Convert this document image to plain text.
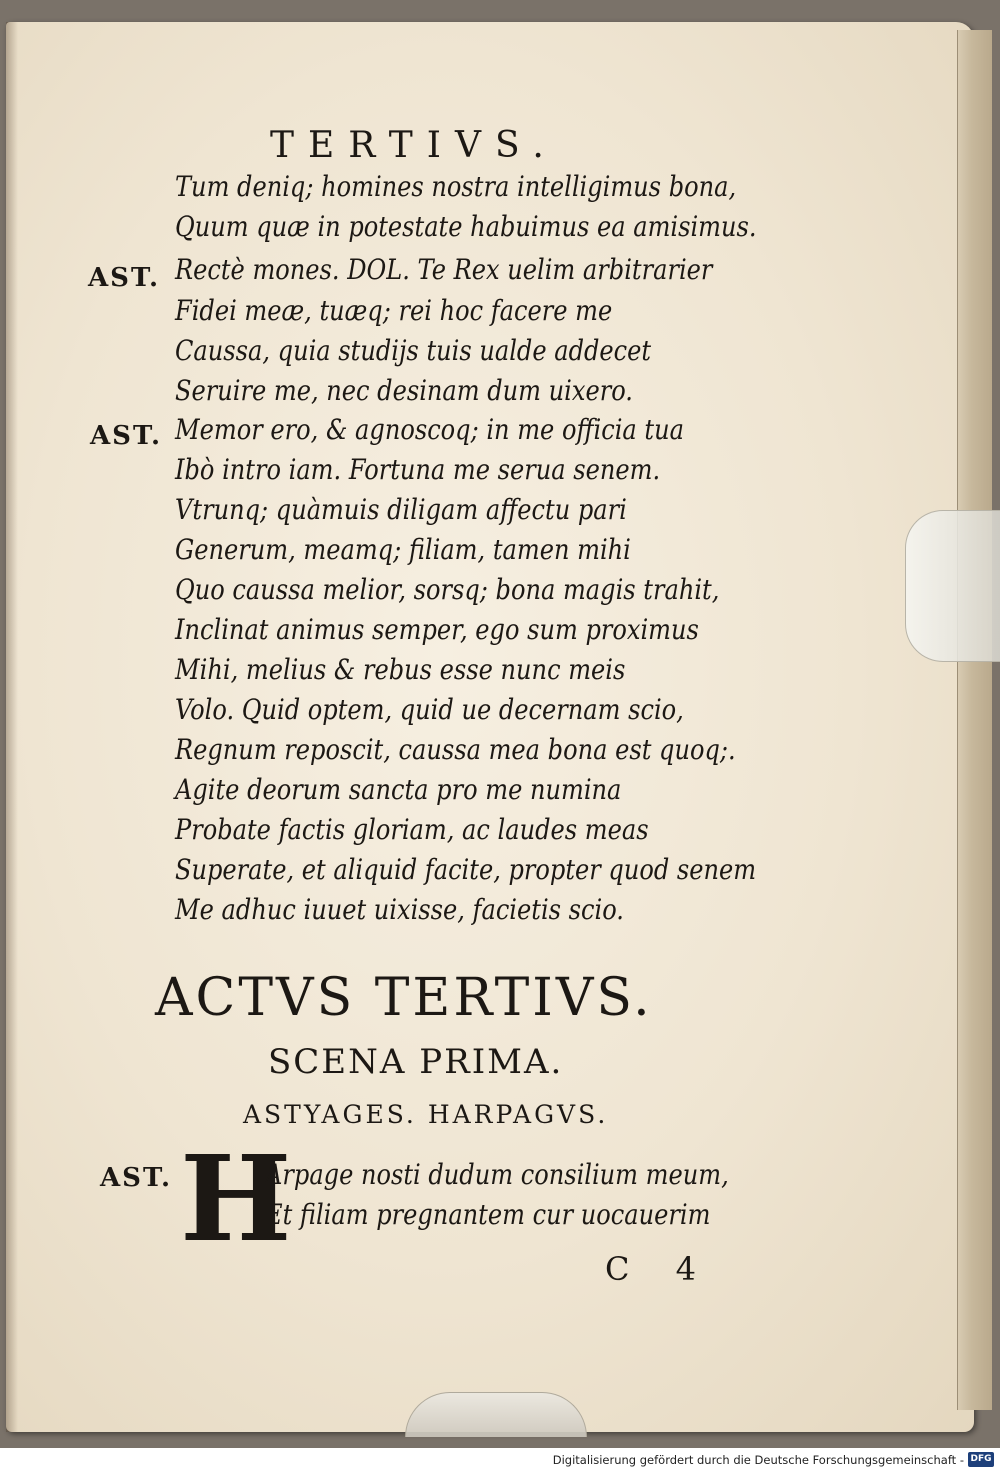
TERTIVS.
Tum deniq; homines nostra intelligimus bona,
Quum quæ in potestate habuimus ea amisimus.
AST. Rectè mones. DOL. Te Rex uelim arbitrarier
Fidei meæ, tuæq; rei hoc facere me
Caussa, quia studijs tuis ualde addecet
Seruire me, nec desinam dum uixero.
AST. Memor ero, & agnoscoq; in me officia tua
Ibò intro iam. Fortuna me serua senem.
Vtrunq; quàmuis diligam affectu pari
Generum, meamq; filiam, tamen mihi
Quo caussa melior, sorsq; bona magis trahit,
Inclinat animus semper, ego sum proximus
Mihi, melius & rebus esse nunc meis
Volo. Quid optem, quid ue decernam scio,
Regnum reposcit, caussa mea bona est quoq;.
Agite deorum sancta pro me numina
Probate factis gloriam, ac laudes meas
Superate, et aliquid facite, propter quod senem
Me adhuc iuuet uixisse, facietis scio.
ACTVS TERTIVS.
SCENA PRIMA.
ASTYAGES. HARPAGVS.
AST. H
Arpage nosti dudum consilium meum,
Et filiam pregnantem cur uocauerim
C 4
Digitalisierung gefördert durch die Deutsche Forschungsgemeinschaft - DFG
